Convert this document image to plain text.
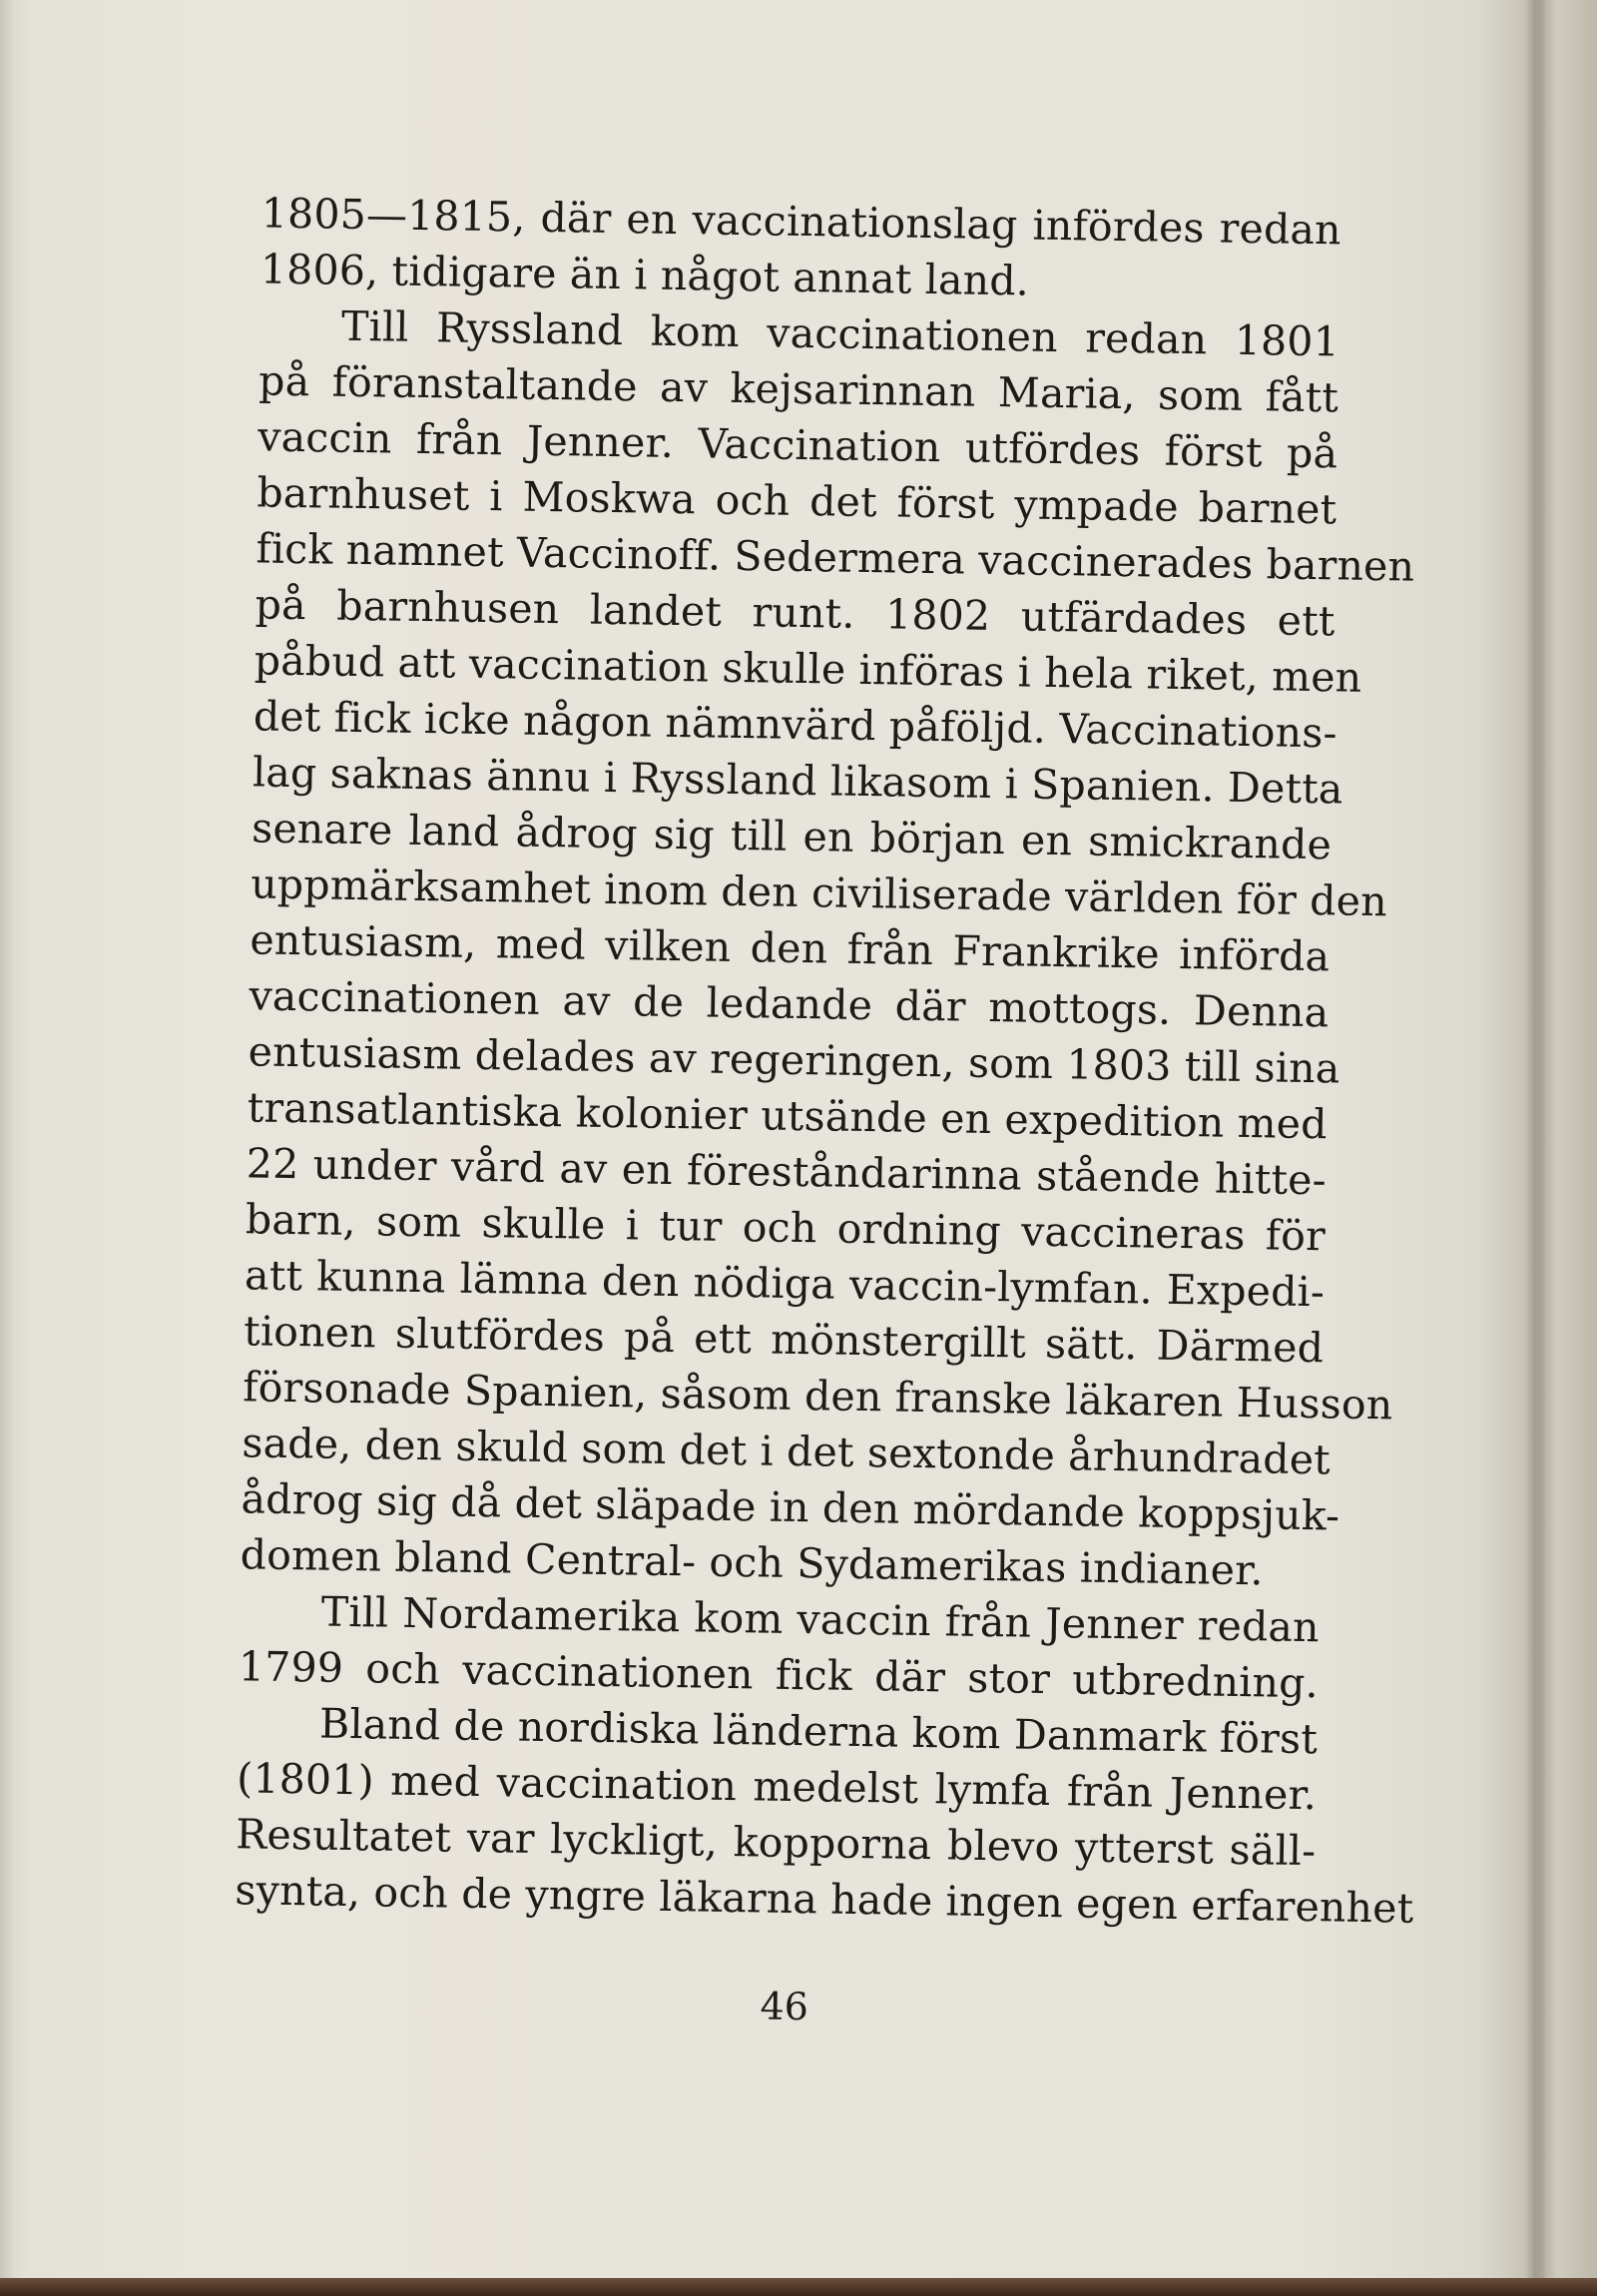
1805—1815, där en vaccinationslag infördes redan
1806, tidigare än i något annat land.
Till Ryssland kom vaccinationen redan 1801
på föranstaltande av kejsarinnan Maria, som fått
vaccin från Jenner. Vaccination utfördes först på
barnhuset i Moskwa och det först ympade barnet
fick namnet Vaccinoff. Sedermera vaccinerades barnen
på barnhusen landet runt. 1802 utfärdades ett
påbud att vaccination skulle införas i hela riket, men
det fick icke någon nämnvärd påföljd. Vaccinations-
lag saknas ännu i Ryssland likasom i Spanien. Detta
senare land ådrog sig till en början en smickrande
uppmärksamhet inom den civiliserade världen för den
entusiasm, med vilken den från Frankrike införda
vaccinationen av de ledande där mottogs. Denna
entusiasm delades av regeringen, som 1803 till sina
transatlantiska kolonier utsände en expedition med
22 under vård av en föreståndarinna stående hitte-
barn, som skulle i tur och ordning vaccineras för
att kunna lämna den nödiga vaccin-lymfan. Expedi-
tionen slutfördes på ett mönstergillt sätt. Därmed
försonade Spanien, såsom den franske läkaren Husson
sade, den skuld som det i det sextonde århundradet
ådrog sig då det släpade in den mördande koppsjuk-
domen bland Central- och Sydamerikas indianer.
Till Nordamerika kom vaccin från Jenner redan
1799 och vaccinationen fick där stor utbredning.
Bland de nordiska länderna kom Danmark först
(1801) med vaccination medelst lymfa från Jenner.
Resultatet var lyckligt, kopporna blevo ytterst säll-
synta, och de yngre läkarna hade ingen egen erfarenhet
46
